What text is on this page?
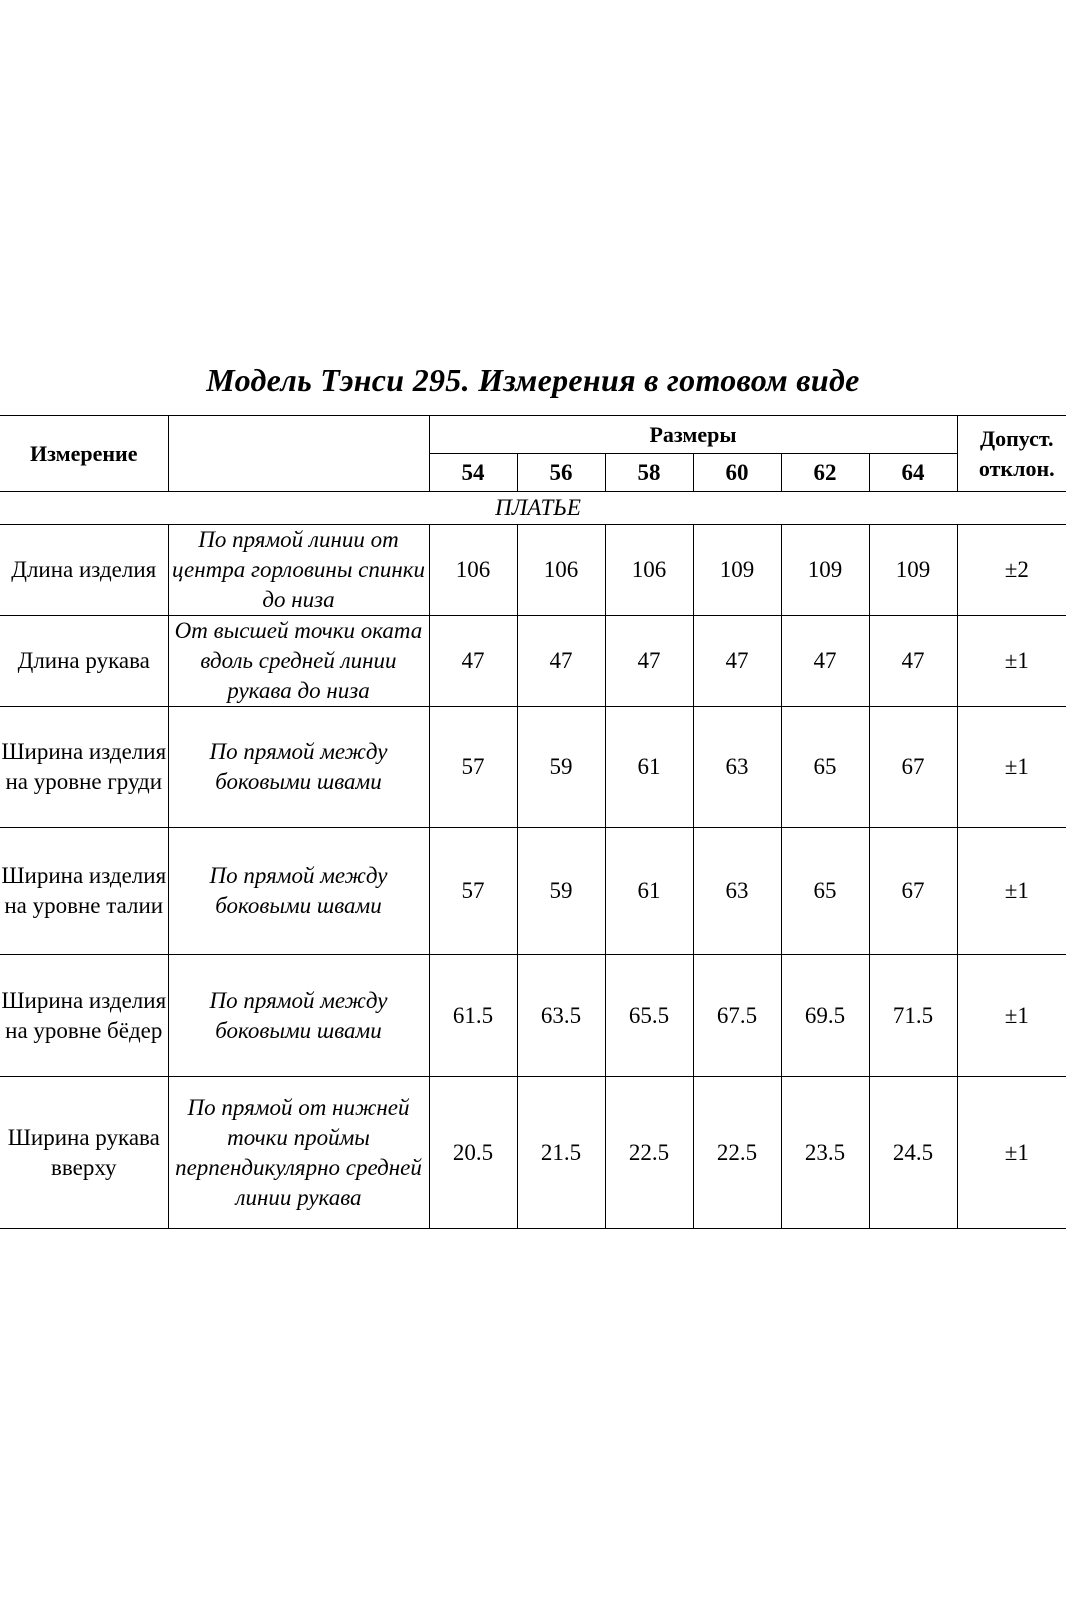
Модель Тэнси 295. Измерения в готовом виде
Измерение		Размеры						Допуст. отклон.
		54	56	58	60	62	64	
ПЛАТЬЕ								
Длина изделия	По прямой линии от центра горловины спинки до низа	106	106	106	109	109	109	±2
Длина рукава	От высшей точки оката вдоль средней линии рукава до низа	47	47	47	47	47	47	±1
Ширина изделия на уровне груди	По прямой между боковыми швами	57	59	61	63	65	67	±1
Ширина изделия на уровне талии	По прямой между боковыми швами	57	59	61	63	65	67	±1
Ширина изделия на уровне бёдер	По прямой между боковыми швами	61.5	63.5	65.5	67.5	69.5	71.5	±1
Ширина рукава вверху	По прямой от нижней точки проймы перпендикулярно средней линии рукава	20.5	21.5	22.5	22.5	23.5	24.5	±1
